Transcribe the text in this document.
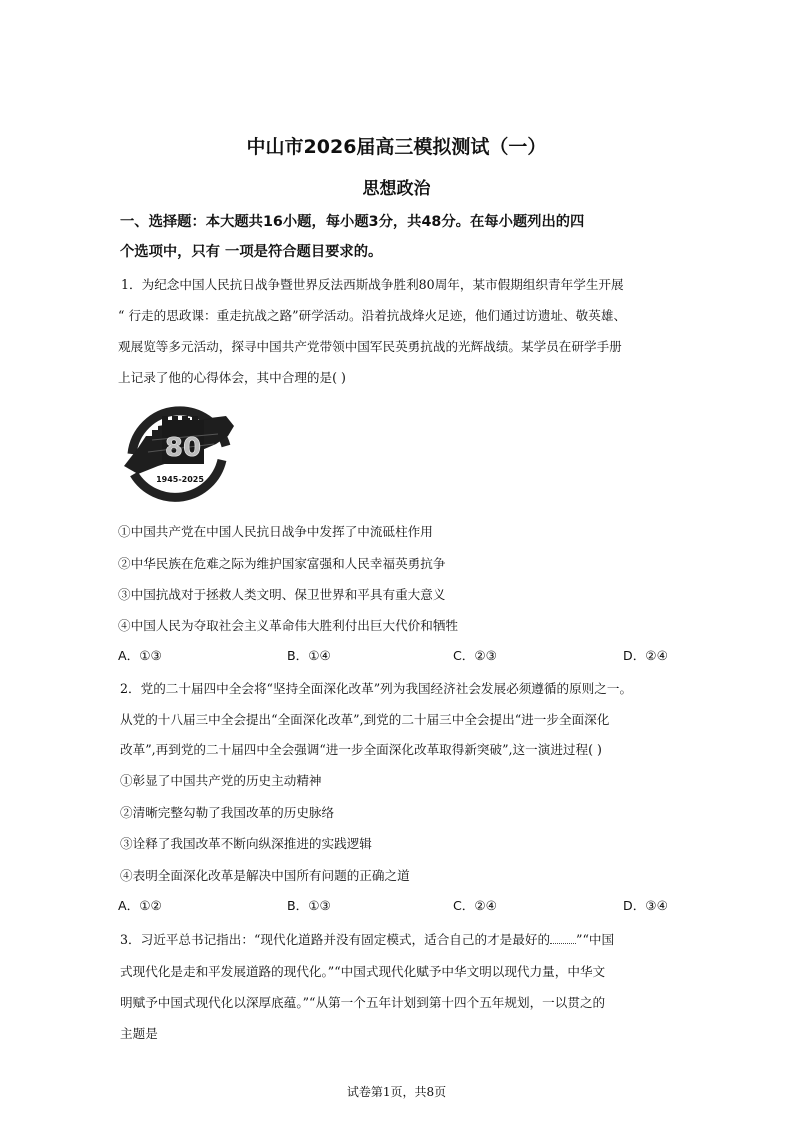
中山市2026届高三模拟测试（一）
思想政治
一、选择题：本大题共16小题，每小题3分，共48分。在每小题列出的四
个选项中，只有 一项是符合题目要求的。
1．为纪念中国人民抗日战争暨世界反法西斯战争胜利80周年，某市假期组织青年学生开展
“ 行走的思政课：重走抗战之路”研学活动。沿着抗战烽火足迹，他们通过访遗址、敬英雄、
观展览等多元活动，探寻中国共产党带领中国军民英勇抗战的光辉战绩。某学员在研学手册
上记录了他的心得体会，其中合理的是( )
80
1945-2025
①中国共产党在中国人民抗日战争中发挥了中流砥柱作用
②中华民族在危难之际为维护国家富强和人民幸福英勇抗争
③中国抗战对于拯救人类文明、保卫世界和平具有重大意义
④中国人民为夺取社会主义革命伟大胜利付出巨大代价和牺牲
A．①③	B．①④	C．②③	D．②④
2．党的二十届四中全会将“坚持全面深化改革”列为我国经济社会发展必须遵循的原则之一。
从党的十八届三中全会提出“全面深化改革”,到党的二十届三中全会提出“进一步全面深化
改革”,再到党的二十届四中全会强调“进一步全面深化改革取得新突破”,这一演进过程( )
①彰显了中国共产党的历史主动精神
②清晰完整勾勒了我国改革的历史脉络
③诠释了我国改革不断向纵深推进的实践逻辑
④表明全面深化改革是解决中国所有问题的正确之道
A．①②	B．①③	C．②④	D．③④
3．习近平总书记指出：“现代化道路并没有固定模式，适合自己的才是最好的 ”“中国
式现代化是走和平发展道路的现代化。”“中国式现代化赋予中华文明以现代力量，中华文
明赋予中国式现代化以深厚底蕴。”“从第一个五年计划到第十四个五年规划，一以贯之的
主题是
试卷第1页，共8页
